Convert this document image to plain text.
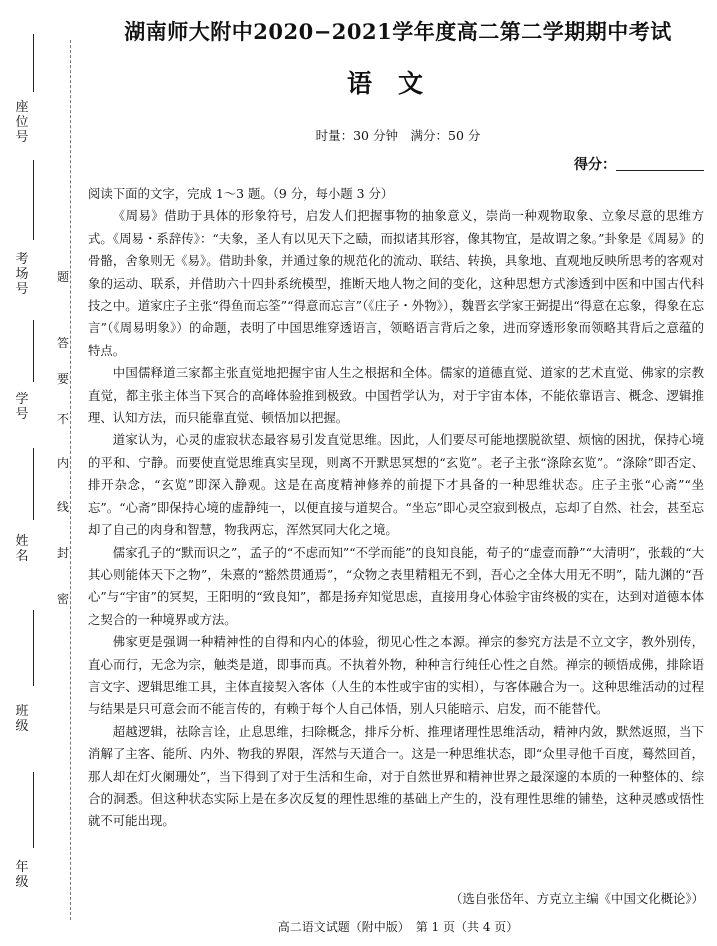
座位号
考场号
学 号
姓 名
班 级
年 级
题
答
要
不
内
线
封
密
湖南师大附中2020−2021学年度高二第二学期期中考试
语文
时量：30 分钟　满分：50 分
得分：

阅读下面的文字，完成 1～3 题。（9 分，每小题 3 分）

《周易》借助于具体的形象符号，启发人们把握事物的抽象意义，崇尚一种观物取象、立象尽意的思维方式。《周易・系辞传》：“夫象，圣人有以见天下之赜，而拟诸其形容，像其物宜，是故谓之象。”卦象是《周易》的骨骼，舍象则无《易》。借助卦象，并通过象的规范化的流动、联结、转换，具象地、直观地反映所思考的客观对象的运动、联系，并借助六十四卦系统模型，推断天地人物之间的变化，这种思想方式渗透到中医和中国古代科技之中。道家庄子主张“得鱼而忘筌”“得意而忘言”（《庄子・外物》），魏晋玄学家王弼提出“得意在忘象，得象在忘言”（《周易明象》）的命题，表明了中国思维穿透语言，领略语言背后之象，进而穿透形象而领略其背后之意蕴的特点。

中国儒释道三家都主张直觉地把握宇宙人生之根据和全体。儒家的道德直觉、道家的艺术直觉、佛家的宗教直觉，都主张主体当下冥合的高峰体验推到极致。中国哲学认为，对于宇宙本体，不能依靠语言、概念、逻辑推理、认知方法，而只能靠直觉、顿悟加以把握。

道家认为，心灵的虚寂状态最容易引发直觉思维。因此，人们要尽可能地摆脱欲望、烦恼的困扰，保持心境的平和、宁静。而要使直觉思维真实呈现，则离不开默思冥想的“玄览”。老子主张“涤除玄览”。“涤除”即否定、排开杂念，“玄览”即深入静观。这是在高度精神修养的前提下才具备的一种思维状态。庄子主张“心斋”“坐忘”。“心斋”即保持心境的虚静纯一，以便直接与道契合。“坐忘”即心灵空寂到极点，忘却了自然、社会，甚至忘却了自己的肉身和智慧，物我两忘，浑然冥同大化之境。

儒家孔子的“默而识之”，孟子的“不虑而知”“不学而能”的良知良能，荀子的“虚壹而静”“大清明”，张载的“大其心则能体天下之物”，朱熹的“豁然贯通焉”，“众物之表里精粗无不到，吾心之全体大用无不明”，陆九渊的“吾心”与“宇宙”的冥契，王阳明的“致良知”，都是扬弃知觉思虑，直接用身心体验宇宙终极的实在，达到对道德本体之契合的一种境界或方法。

佛家更是强调一种精神性的自得和内心的体验，彻见心性之本源。禅宗的参究方法是不立文字，教外别传，直心而行，无念为宗，触类是道，即事而真。不执着外物，种种言行纯任心性之自然。禅宗的顿悟成佛，排除语言文字、逻辑思维工具，主体直接契入客体（人生的本性或宇宙的实相），与客体融合为一。这种思维活动的过程与结果是只可意会而不能言传的，有赖于每个人自己体悟，别人只能暗示、启发，而不能替代。

超越逻辑，祛除言诠，止息思维，扫除概念，排斥分析、推理诸理性思维活动，精神内敛，默然返照，当下消解了主客、能所、内外、物我的界限，浑然与天道合一。这是一种思维状态，即“众里寻他千百度，蓦然回首，那人却在灯火阑珊处”，当下得到了对于生活和生命，对于自然世界和精神世界之最深邃的本质的一种整体的、综合的洞悉。但这种状态实际上是在多次反复的理性思维的基础上产生的，没有理性思维的铺垫，这种灵感或悟性就不可能出现。

（选自张岱年、方克立主编《中国文化概论》）
高二语文试题（附中版）　第 1 页（共 4 页）
